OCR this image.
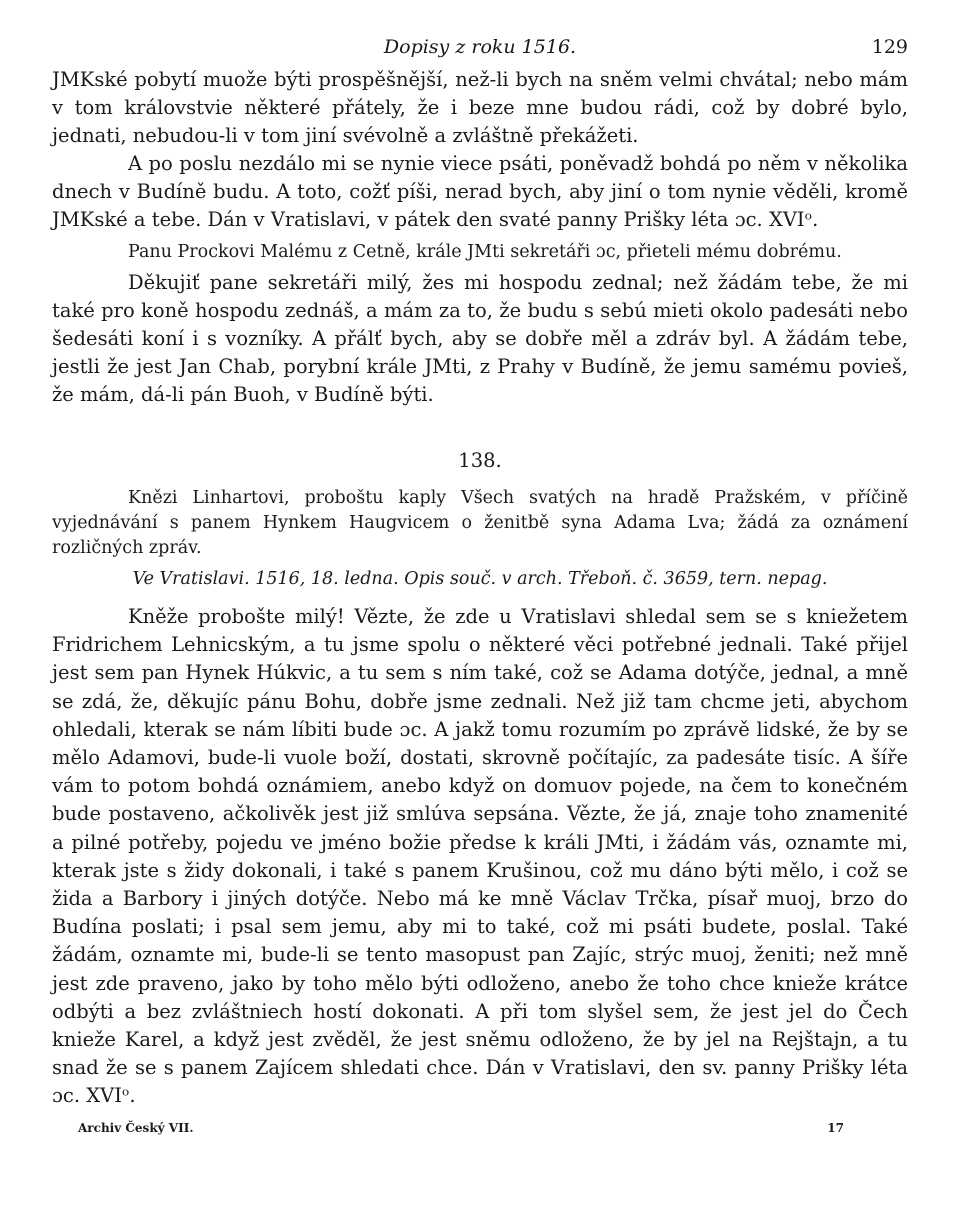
Dopisy z roku 1516.	129

JMKské pobytí muože býti prospěšnější, než-li bych na sněm velmi chvátal; nebo mám v tom královstvie některé přátely, že i beze mne budou rádi, což by dobré bylo, jednati, nebudou-li v tom jiní svévolně a zvláštně překážeti.

A po poslu nezdálo mi se nynie viece psáti, poněvadž bohdá po něm v několika dnech v Budíně budu. A toto, cožť píši, nerad bych, aby jiní o tom nynie věděli, kromě JMKské a tebe. Dán v Vratislavi, v pátek den svaté panny Prišky léta ɔc. XVIᵒ.

Panu Prockovi Malému z Cetně, krále JMti sekretáři ɔc, přieteli mému dobrému.

Děkujiť pane sekretáři milý, žes mi hospodu zednal; než žádám tebe, že mi také pro koně hospodu zednáš, a mám za to, že budu s sebú mieti okolo padesáti nebo šedesáti koní i s vozníky. A přálť bych, aby se dobře měl a zdráv byl. A žádám tebe, jestli že jest Jan Chab, porybní krále JMti, z Prahy v Budíně, že jemu samému povieš, že mám, dá-li pán Buoh, v Budíně býti.

138.

Knězi Linhartovi, proboštu kaply Všech svatých na hradě Pražském, v příčině vyjednávání s panem Hynkem Haugvicem o ženitbě syna Adama Lva; žádá za oznámení rozličných zpráv.

Ve Vratislavi. 1516, 18. ledna. Opis souč. v arch. Třeboň. č. 3659, tern. nepag.

Kněže probošte milý! Vězte, že zde u Vratislavi shledal sem se s kniežetem Fridrichem Lehnicským, a tu jsme spolu o některé věci potřebné jednali. Také přijel jest sem pan Hynek Húkvic, a tu sem s ním také, což se Adama dotýče, jednal, a mně se zdá, že, děkujíc pánu Bohu, dobře jsme zednali. Než již tam chcme jeti, abychom ohledali, kterak se nám líbiti bude ɔc. A jakž tomu rozumím po zprávě lidské, že by se mělo Adamovi, bude-li vuole boží, dostati, skrovně počítajíc, za padesáte tisíc. A šíře vám to potom bohdá oznámiem, anebo když on domuov pojede, na čem to konečném bude postaveno, ačkolivěk jest již smlúva sepsána. Vězte, že já, znaje toho znamenité a pilné potřeby, pojedu ve jméno božie předse k králi JMti, i žádám vás, oznamte mi, kterak jste s židy dokonali, i také s panem Krušinou, což mu dáno býti mělo, i což se žida a Barbory i jiných dotýče. Nebo má ke mně Václav Trčka, písař muoj, brzo do Budína poslati; i psal sem jemu, aby mi to také, což mi psáti budete, poslal. Také žádám, oznamte mi, bude-li se tento masopust pan Zajíc, strýc muoj, ženiti; než mně jest zde praveno, jako by toho mělo býti odloženo, anebo že toho chce knieže krátce odbýti a bez zvláštniech hostí dokonati. A při tom slyšel sem, že jest jel do Čech knieže Karel, a když jest zvěděl, že jest sněmu odloženo, že by jel na Rejštajn, a tu snad že se s panem Zajícem shledati chce. Dán v Vratislavi, den sv. panny Prišky léta ɔc. XVIᵒ.

Archiv Český VII.	17
